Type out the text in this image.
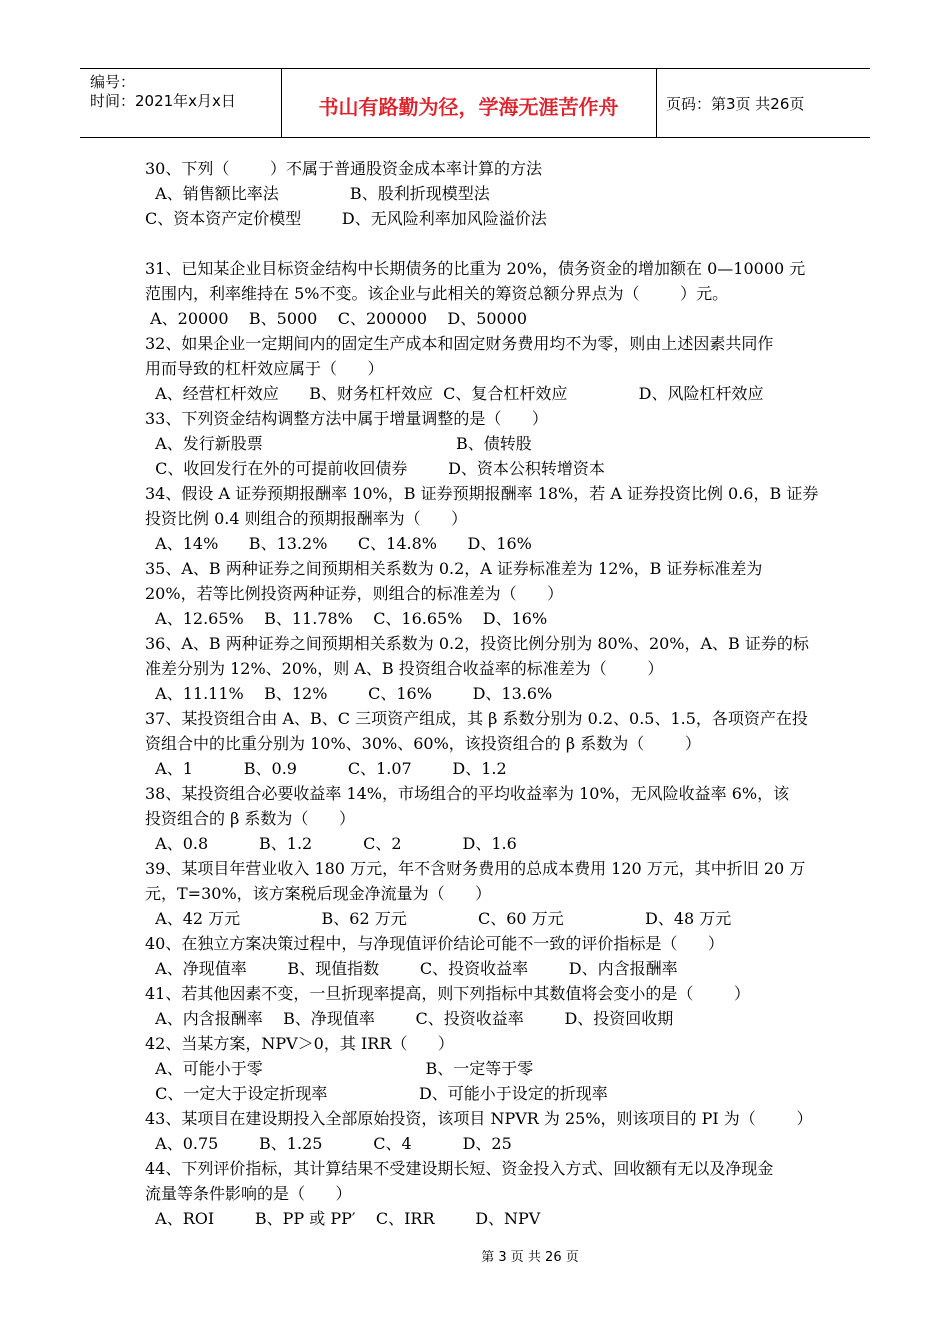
编号：
时间：2021年x月x日	书山有路勤为径，学海无涯苦作舟	页码：第3页 共26页
30、下列（        ）不属于普通股资金成本率计算的方法
A、销售额比率法              B、股利折现模型法
C、资本资产定价模型        D、无风险利率加风险溢价法
31、已知某企业目标资金结构中长期债务的比重为 20%，债务资金的增加额在 0—10000 元
范围内，利率维持在 5%不变。该企业与此相关的筹资总额分界点为（        ）元。
A、20000    B、5000    C、200000    D、50000
32、如果企业一定期间内的固定生产成本和固定财务费用均不为零，则由上述因素共同作
用而导致的杠杆效应属于（      ）
A、经营杠杆效应      B、财务杠杆效应  C、复合杠杆效应              D、风险杠杆效应
33、下列资金结构调整方法中属于增量调整的是（      ）
A、发行新股票                                      B、债转股
C、收回发行在外的可提前收回债券        D、资本公积转增资本
34、假设 A 证券预期报酬率 10%，B 证券预期报酬率 18%，若 A 证券投资比例 0.6，B 证券
投资比例 0.4 则组合的预期报酬率为（      ）
A、14%      B、13.2%      C、14.8%      D、16%
35、A、B 两种证券之间预期相关系数为 0.2，A 证券标准差为 12%，B 证券标准差为
20%，若等比例投资两种证券，则组合的标准差为（      ）
A、12.65%    B、11.78%    C、16.65%    D、16%
36、A、B 两种证券之间预期相关系数为 0.2，投资比例分别为 80%、20%，A、B 证券的标
准差分别为 12%、20%，则 A、B 投资组合收益率的标准差为（        ）
A、11.11%    B、12%        C、16%        D、13.6%
37、某投资组合由 A、B、C 三项资产组成，其 β 系数分别为 0.2、0.5、1.5，各项资产在投
资组合中的比重分别为 10%、30%、60%，该投资组合的 β 系数为（        ）
A、1          B、0.9          C、1.07        D、1.2
38、某投资组合必要收益率 14%，市场组合的平均收益率为 10%，无风险收益率 6%，该
投资组合的 β 系数为（      ）
A、0.8          B、1.2          C、2            D、1.6
39、某项目年营业收入 180 万元，年不含财务费用的总成本费用 120 万元，其中折旧 20 万
元，T=30%，该方案税后现金净流量为（      ）
A、42 万元                B、62 万元              C、60 万元                D、48 万元
40、在独立方案决策过程中，与净现值评价结论可能不一致的评价指标是（      ）
A、净现值率        B、现值指数        C、投资收益率        D、内含报酬率
41、若其他因素不变，一旦折现率提高，则下列指标中其数值将会变小的是（        ）
A、内含报酬率    B、净现值率        C、投资收益率        D、投资回收期
42、当某方案，NPV＞0，其 IRR（      ）
A、可能小于零                                B、一定等于零
C、一定大于设定折现率                  D、可能小于设定的折现率
43、某项目在建设期投入全部原始投资，该项目 NPVR 为 25%，则该项目的 PI 为（        ）
A、0.75        B、1.25          C、4          D、25
44、下列评价指标，其计算结果不受建设期长短、资金投入方式、回收额有无以及净现金
流量等条件影响的是（      ）
A、ROI        B、PP 或 PP′    C、IRR        D、NPV
第 3 页 共 26 页
